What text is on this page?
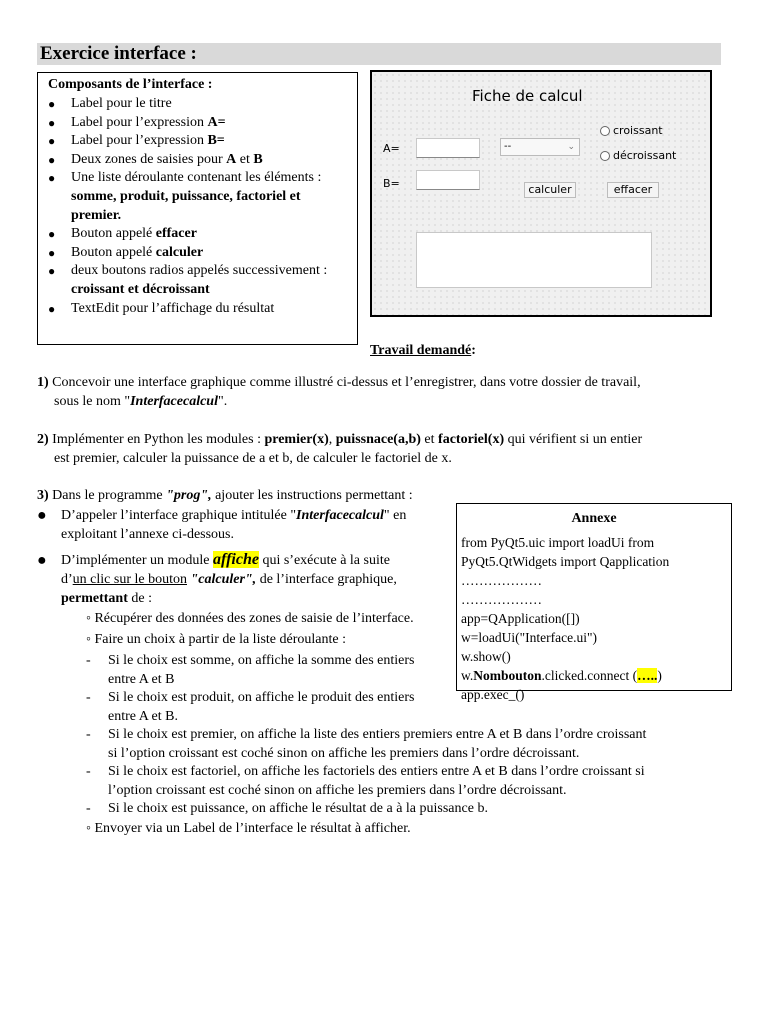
Exercice interface :
Composants de l’interface :
● Label pour le titre
● Label pour l’expression A=
● Label pour l’expression B=
● Deux zones de saisies pour A et B
● Une liste déroulante contenant les éléments : somme, produit, puissance, factoriel et premier.
● Bouton appelé effacer
● Bouton appelé calculer
● deux boutons radios appelés successivement : croissant et décroissant
● TextEdit pour l’affichage du résultat
Fiche de calcul
A=	--	⌄
croissant
décroissant
B=	calculer	effacer
Travail demandé:
1) Concevoir une interface graphique comme illustré ci-dessus et l’enregistrer, dans votre dossier de travail,
sous le nom "Interfacecalcul".
2) Implémenter en Python les modules : premier(x), puissnace(a,b) et factoriel(x) qui vérifient si un entier
est premier, calculer la puissance de a et b, de calculer le factoriel de x.
3) Dans le programme "prog", ajouter les instructions permettant :
● D’appeler l’interface graphique intitulée "Interfacecalcul" en
exploitant l’annexe ci-dessous.
● D’implémenter un module affiche qui s’exécute à la suite
d’un clic sur le bouton "calculer", de l’interface graphique,
permettant de :
◦ Récupérer des données des zones de saisie de l’interface.
◦ Faire un choix à partir de la liste déroulante :
-	Si le choix est somme, on affiche la somme des entiers
entre A et B
-	Si le choix est produit, on affiche le produit des entiers
entre A et B.
-	Si le choix est premier, on affiche la liste des entiers premiers entre A et B dans l’ordre croissant
si l’option croissant est coché sinon on affiche les premiers dans l’ordre décroissant.
-	Si le choix est factoriel, on affiche les factoriels des entiers entre A et B dans l’ordre croissant si
l’option croissant est coché sinon on affiche les premiers dans l’ordre décroissant.
-	Si le choix est puissance, on affiche le résultat de a à la puissance b.
◦ Envoyer via un Label de l’interface le résultat à afficher.
Annexe
from PyQt5.uic import loadUi from
PyQt5.QtWidgets import Qapplication
………………
………………
app=QApplication([])
w=loadUi("Interface.ui")
w.show()
w.Nombouton.clicked.connect (…..)
app.exec_()
